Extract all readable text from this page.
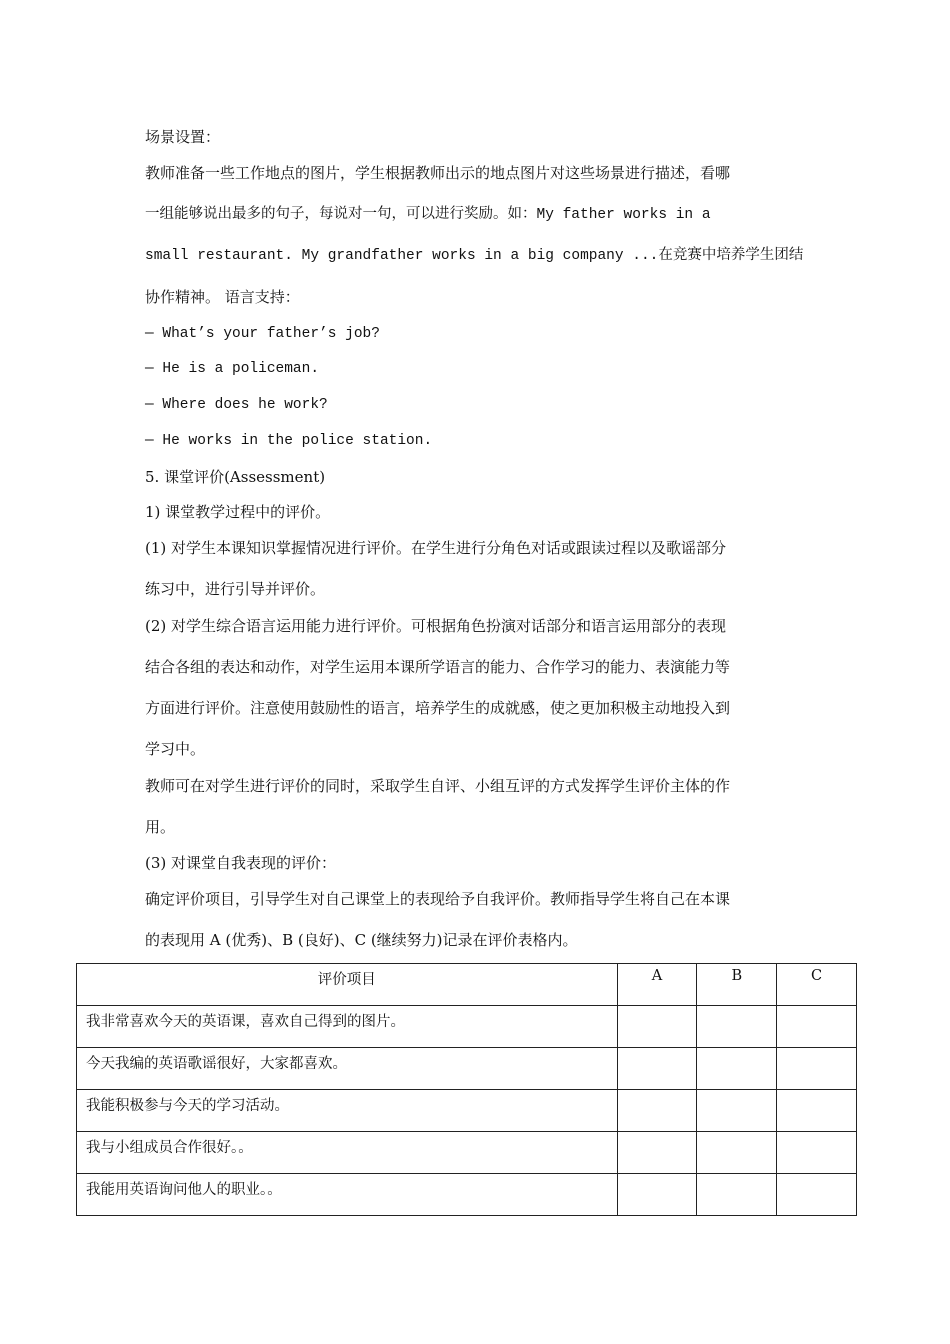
场景设置：
教师准备一些工作地点的图片，学生根据教师出示的地点图片对这些场景进行描述，看哪
一组能够说出最多的句子，每说对一句，可以进行奖励。如：My father works in a
small restaurant. My grandfather works in a big company ...在竞赛中培养学生团结
协作精神。 语言支持：
— What’s your father’s job?
— He is a policeman.
— Where does he work?
— He works in the police station.
5. 课堂评价(Assessment)
1) 课堂教学过程中的评价。
(1) 对学生本课知识掌握情况进行评价。在学生进行分角色对话或跟读过程以及歌谣部分
练习中，进行引导并评价。
(2) 对学生综合语言运用能力进行评价。可根据角色扮演对话部分和语言运用部分的表现
结合各组的表达和动作，对学生运用本课所学语言的能力、合作学习的能力、表演能力等
方面进行评价。注意使用鼓励性的语言，培养学生的成就感，使之更加积极主动地投入到
学习中。
教师可在对学生进行评价的同时，采取学生自评、小组互评的方式发挥学生评价主体的作
用。
(3) 对课堂自我表现的评价：
确定评价项目，引导学生对自己课堂上的表现给予自我评价。教师指导学生将自己在本课
的表现用 A (优秀)、B (良好)、C (继续努力)记录在评价表格内。
评价项目	A	B	C
我非常喜欢今天的英语课，喜欢自己得到的图片。			
今天我编的英语歌谣很好，大家都喜欢。			
我能积极参与今天的学习活动。			
我与小组成员合作很好。。			
我能用英语询问他人的职业。。			
